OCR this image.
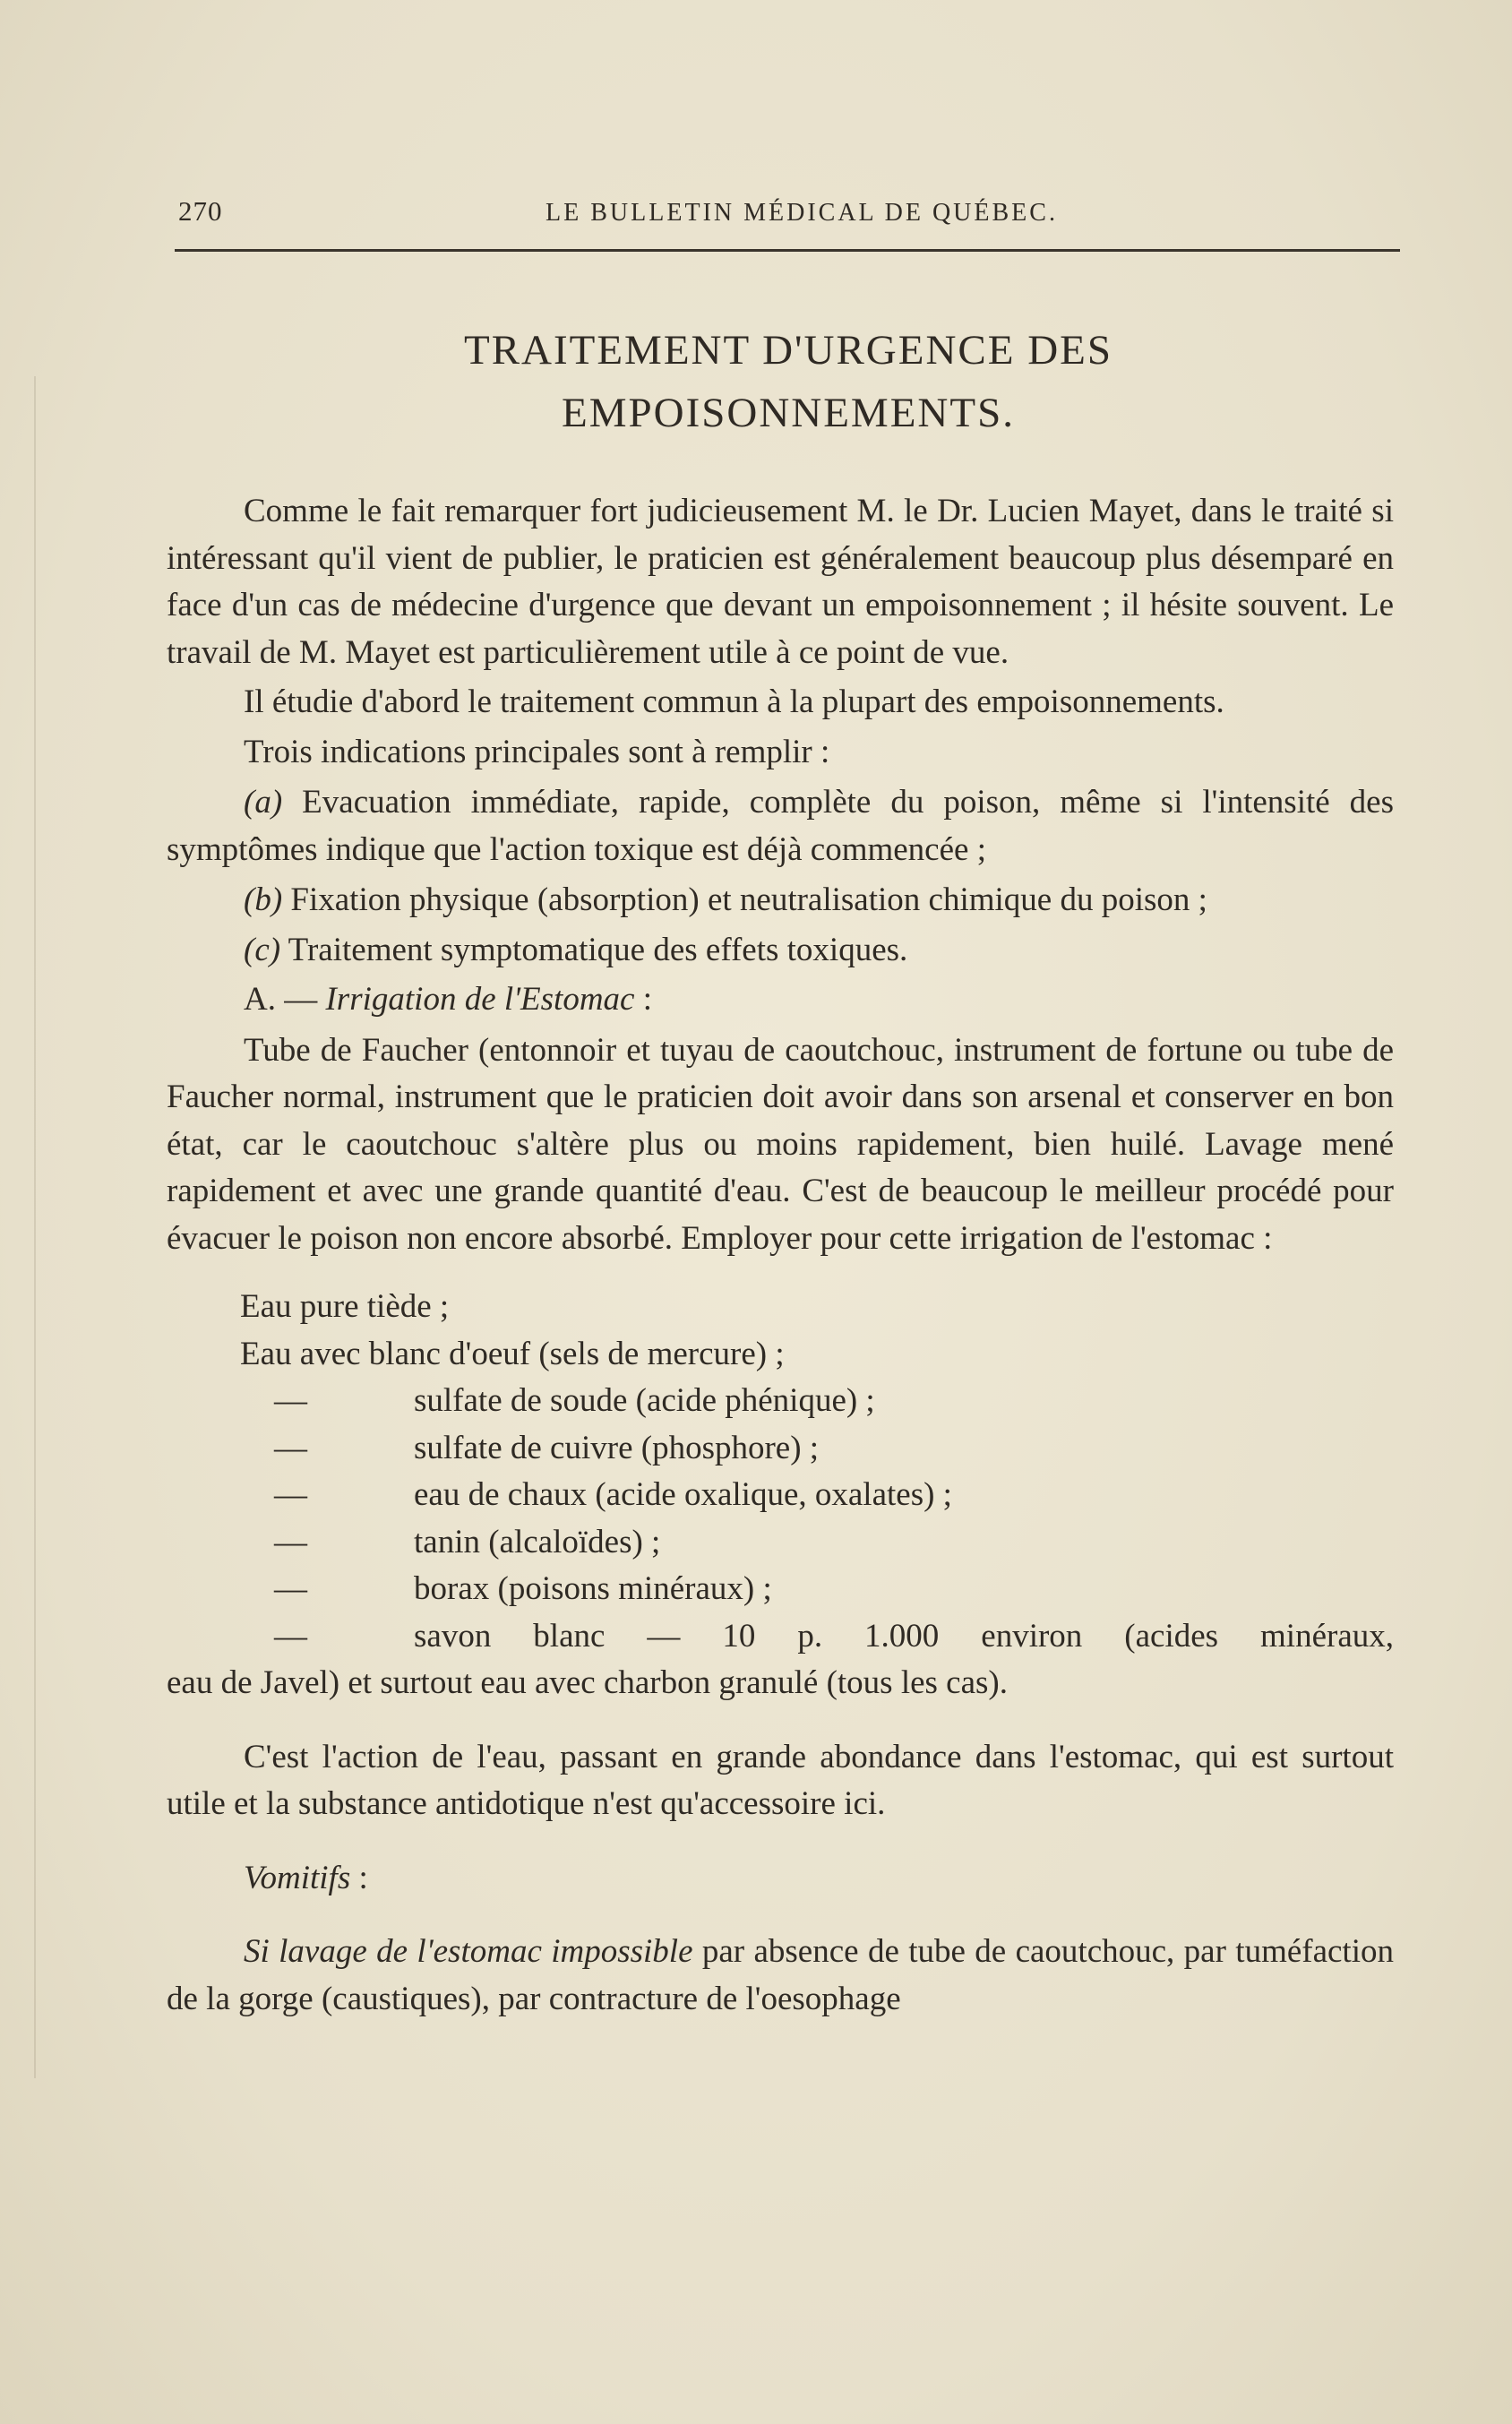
270	LE BULLETIN MÉDICAL DE QUÉBEC.
TRAITEMENT D'URGENCE DES
EMPOISONNEMENTS.

Comme le fait remarquer fort judicieusement M. le Dr. Lucien Mayet, dans le traité si intéressant qu'il vient de publier, le praticien est généralement beaucoup plus désemparé en face d'un cas de médecine d'urgence que devant un empoisonnement ; il hésite souvent. Le travail de M. Mayet est particulièrement utile à ce point de vue.

Il étudie d'abord le traitement commun à la plupart des empoisonnements.

Trois indications principales sont à remplir :

(a) Evacuation immédiate, rapide, complète du poison, même si l'intensité des symptômes indique que l'action toxique est déjà commencée ;

(b) Fixation physique (absorption) et neutralisation chimique du poison ;

(c) Traitement symptomatique des effets toxiques.

A. — Irrigation de l'Estomac :

Tube de Faucher (entonnoir et tuyau de caoutchouc, instrument de fortune ou tube de Faucher normal, instrument que le praticien doit avoir dans son arsenal et conserver en bon état, car le caoutchouc s'altère plus ou moins rapidement, bien huilé. Lavage mené rapidement et avec une grande quantité d'eau. C'est de beaucoup le meilleur procédé pour évacuer le poison non encore absorbé. Employer pour cette irrigation de l'estomac :

Eau pure tiède ;
Eau avec blanc d'oeuf (sels de mercure) ;
—	sulfate de soude (acide phénique) ;
—	sulfate de cuivre (phosphore) ;
—	eau de chaux (acide oxalique, oxalates) ;
—	tanin (alcaloïdes) ;
—	borax (poisons minéraux) ;
—	savon blanc — 10 p. 1.000 environ (acides minéraux,
eau de Javel) et surtout eau avec charbon granulé (tous les cas).

C'est l'action de l'eau, passant en grande abondance dans l'estomac, qui est surtout utile et la substance antidotique n'est qu'accessoire ici.

Vomitifs :

Si lavage de l'estomac impossible par absence de tube de caoutchouc, par tuméfaction de la gorge (caustiques), par contracture de l'oesophage
